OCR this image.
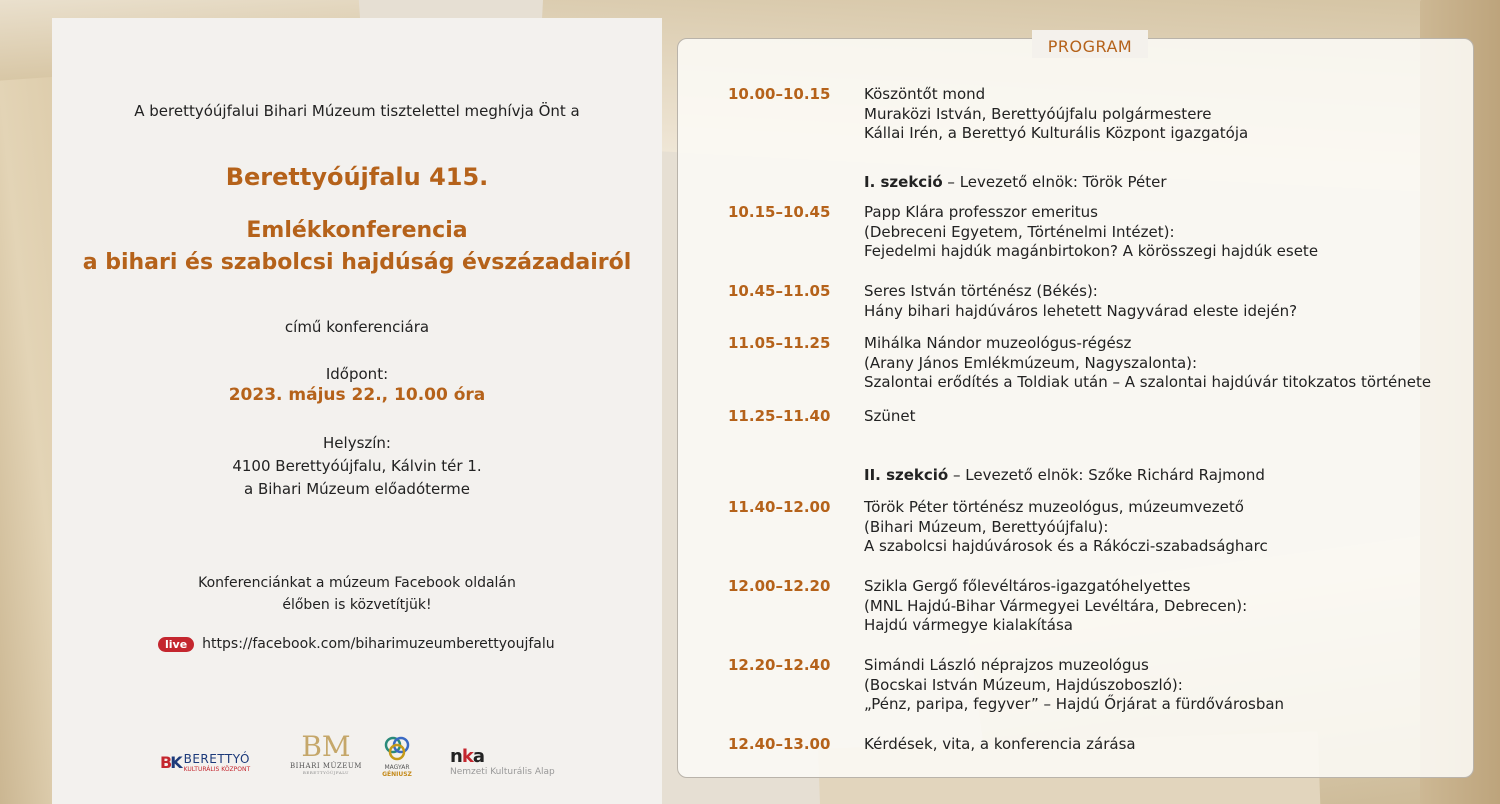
A berettyóújfalui Bihari Múzeum tisztelettel meghívja Önt a
Berettyóújfalu 415.
Emlékkonferencia
a bihari és szabolcsi hajdúság évszázadairól
című konferenciára
Időpont:
2023. május 22., 10.00 óra
Helyszín:
4100 Berettyóújfalu, Kálvin tér 1.
a Bihari Múzeum előadóterme
Konferenciánkat a múzeum Facebook oldalán
élőben is közvetítjük!
live	https://facebook.com/biharimuzeumberettyoujfalu
BK BERETTYÓ
KULTURÁLIS KÖZPONT
BM
BIHARI MÚZEUM
BERETTYÓÚJFALU
MAGYAR
GÉNIUSZ
nka
Nemzeti Kulturális Alap
PROGRAM
10.00–10.15 Köszöntőt mond
Muraközi István, Berettyóújfalu polgármestere
Kállai Irén, a Berettyó Kulturális Központ igazgatója
I. szekció – Levezető elnök: Török Péter
10.15–10.45 Papp Klára professzor emeritus
(Debreceni Egyetem, Történelmi Intézet):
Fejedelmi hajdúk magánbirtokon? A körösszegi hajdúk esete
10.45–11.05 Seres István történész (Békés):
Hány bihari hajdúváros lehetett Nagyvárad eleste idején?
11.05–11.25 Mihálka Nándor muzeológus-régész
(Arany János Emlékmúzeum, Nagyszalonta):
Szalontai erődítés a Toldiak után – A szalontai hajdúvár titokzatos története
11.25–11.40 Szünet
II. szekció – Levezető elnök: Szőke Richárd Rajmond
11.40–12.00 Török Péter történész muzeológus, múzeumvezető
(Bihari Múzeum, Berettyóújfalu):
A szabolcsi hajdúvárosok és a Rákóczi-szabadságharc
12.00–12.20 Szikla Gergő főlevéltáros-igazgatóhelyettes
(MNL Hajdú-Bihar Vármegyei Levéltára, Debrecen):
Hajdú vármegye kialakítása
12.20–12.40 Simándi László néprajzos muzeológus
(Bocskai István Múzeum, Hajdúszoboszló):
„Pénz, paripa, fegyver” – Hajdú Őrjárat a fürdővárosban
12.40–13.00 Kérdések, vita, a konferencia zárása
